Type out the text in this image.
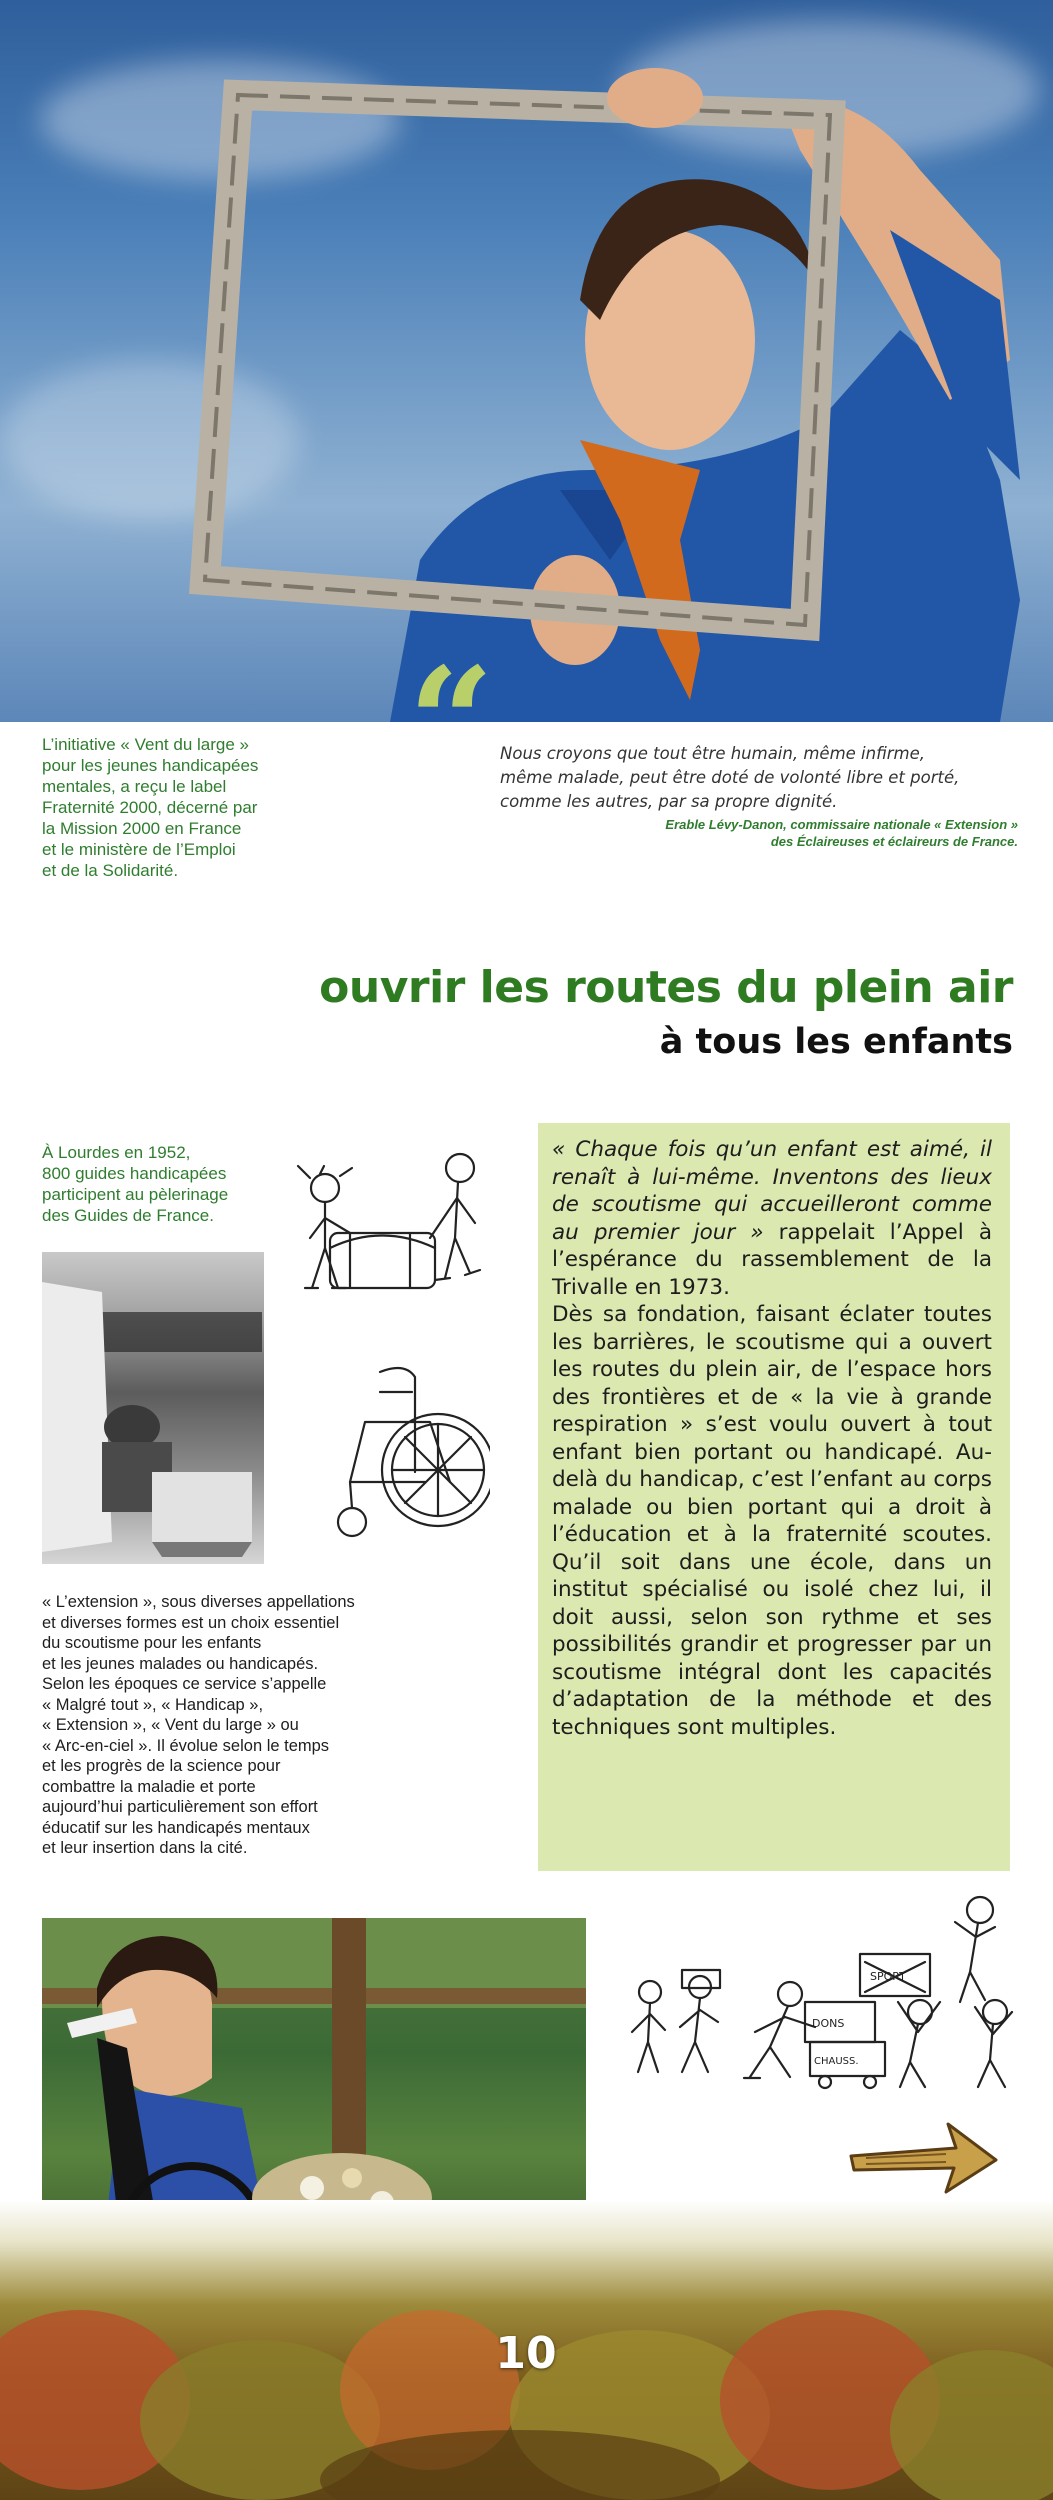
L’initiative « Vent du large »
pour les jeunes handicapées
mentales, a reçu le label
Fraternité 2000, décerné par
la Mission 2000 en France
et le ministère de l’Emploi
et de la Solidarité.
“ Nous croyons que tout être humain, même infirme,
même malade, peut être doté de volonté libre et porté,
comme les autres, par sa propre dignité.
Erable Lévy-Danon, commissaire nationale « Extension »
des Éclaireuses et éclaireurs de France.
ouvrir les routes du plein air
à tous les enfants
À Lourdes en 1952,
800 guides handicapées
participent au pèlerinage
des Guides de France.
« L’extension », sous diverses appellations
et diverses formes est un choix essentiel
du scoutisme pour les enfants
et les jeunes malades ou handicapés.
Selon les époques ce service s’appelle
« Malgré tout », « Handicap »,
« Extension », « Vent du large » ou
« Arc-en-ciel ». Il évolue selon le temps
et les progrès de la science pour
combattre la maladie et porte
aujourd’hui particulièrement son effort
éducatif sur les handicapés mentaux
et leur insertion dans la cité.

« Chaque fois qu’un enfant est aimé, il renaît à lui-même. Inventons des lieux de scoutisme qui accueilleront comme au premier jour » rappelait l’Appel à l’espérance du rassemblement de la Trivalle en 1973.

Dès sa fondation, faisant éclater toutes les barrières, le scoutisme qui a ouvert les routes du plein air, de l’espace hors des frontières et de « la vie à grande respiration » s’est voulu ouvert à tout enfant bien portant ou handicapé. Au-delà du handicap, c’est l’enfant au corps malade ou bien portant qui a droit à l’éducation et à la fraternité scoutes. Qu’il soit dans une école, dans un institut spécialisé ou isolé chez lui, il doit aussi, selon son rythme et ses possibilités grandir et progresser par un scoutisme intégral dont les capacités d’adaptation de la méthode et des techniques sont multiples.

DONS
CHAUSS.
SPORT
10
